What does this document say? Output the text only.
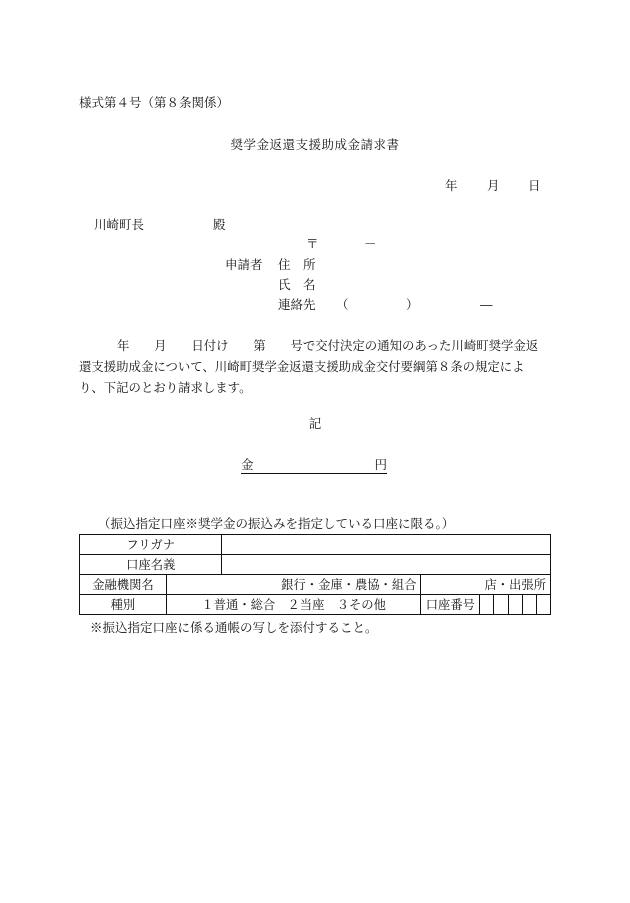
様式第４号（第８条関係）
奨学金返還支援助成金請求書
年 月 日
川崎町長	殿
〒	－
申請者 住　所
氏　名
連絡先 （	）	―
年　　月　　日付け　　第　　号で交付決定の通知のあった川崎町奨学金返還支援助成金について、川崎町奨学金返還支援助成金交付要綱第８条の規定により、下記のとおり請求します。
記
金	円
（振込指定口座※奨学金の振込みを指定している口座に限る。）
フリガナ								
口座名義								
金融機関名	銀行・金庫・農協・組合		店・出張所					
種別	１普通・総合　２当座　３その他		口座番号					
※振込指定口座に係る通帳の写しを添付すること。
